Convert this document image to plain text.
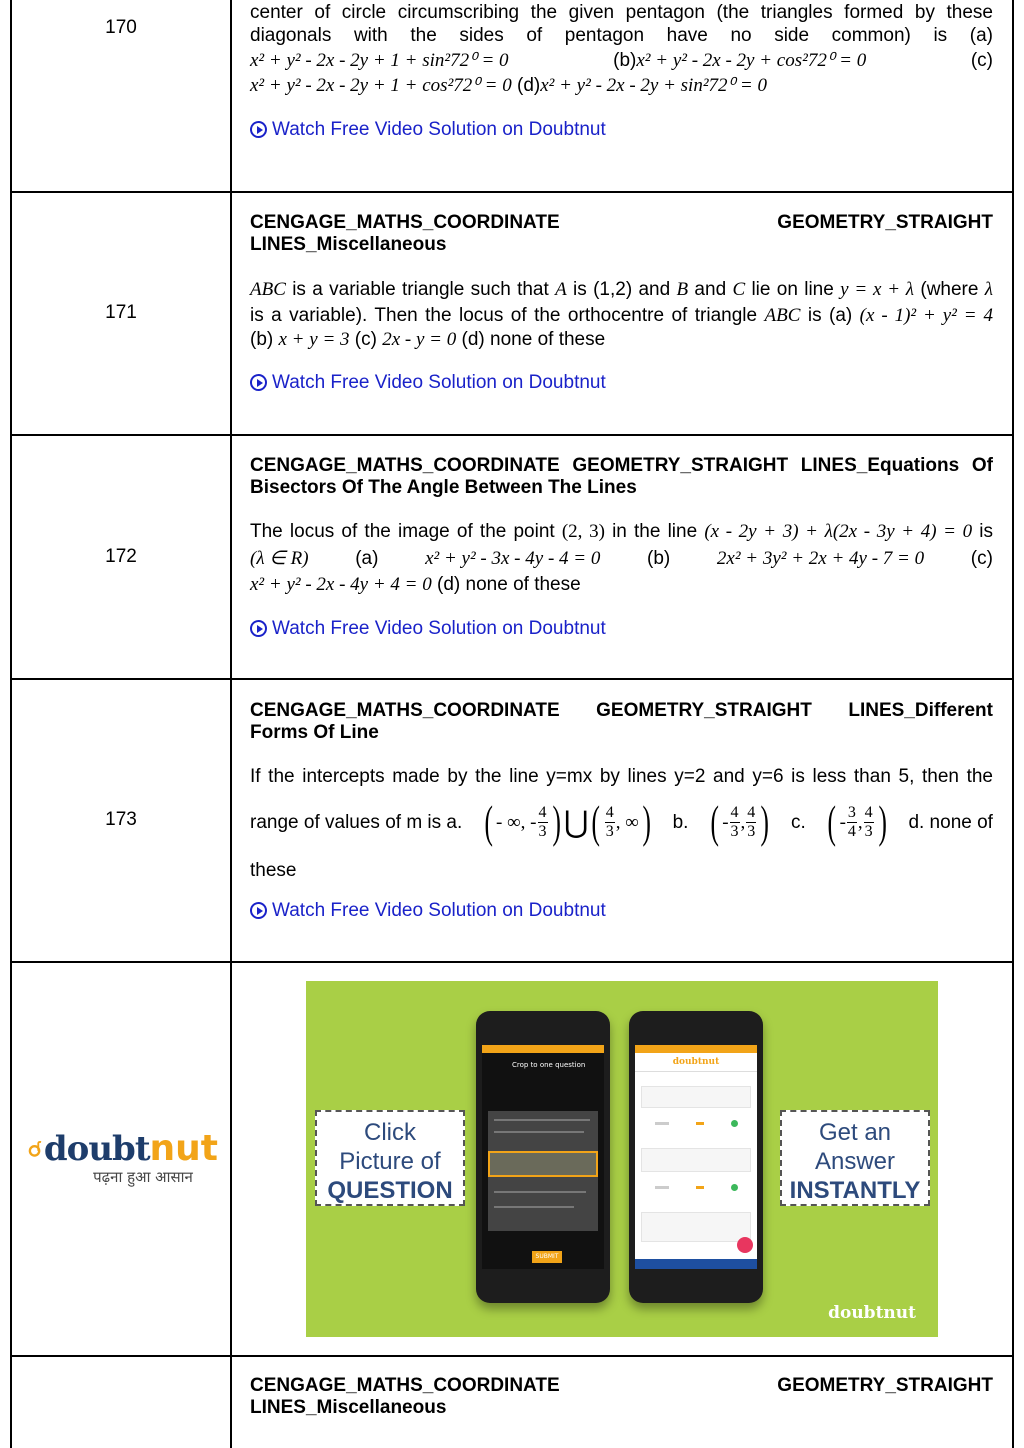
170
center of circle circumscribing the given pentagon (the triangles formed by these
diagonals with the sides of pentagon have no side common) is (a)
x² + y² - 2x - 2y + 1 + sin²72⁰ = 0	(b)x² + y² - 2x - 2y + cos²72⁰ = 0	(c)
x² + y² - 2x - 2y + 1 + cos²72⁰ = 0 (d)x² + y² - 2x - 2y + sin²72⁰ = 0
Watch Free Video Solution on Doubtnut
171
CENGAGE_MATHS_COORDINATE	GEOMETRY_STRAIGHT
LINES_Miscellaneous
ABC is a variable triangle such that A is (1,2) and B and C lie on line y = x + λ (where λ
is a variable). Then the locus of the orthocentre of triangle ABC is (a) (x - 1)² + y² = 4
(b) x + y = 3 (c) 2x - y = 0 (d) none of these
Watch Free Video Solution on Doubtnut
172
CENGAGE_MATHS_COORDINATE GEOMETRY_STRAIGHT LINES_Equations Of
Bisectors Of The Angle Between The Lines
The locus of the image of the point (2, 3) in the line (x - 2y + 3) + λ(2x - 3y + 4) = 0 is
(λ ∈ R) (a) x² + y² - 3x - 4y - 4 = 0 (b) 2x² + 3y² + 2x + 4y - 7 = 0 (c)
x² + y² - 2x - 4y + 4 = 0 (d) none of these
Watch Free Video Solution on Doubtnut
173
CENGAGE_MATHS_COORDINATE GEOMETRY_STRAIGHT LINES_Different
Forms Of Line
If the intercepts made by the line y=mx by lines y=2 and y=6 is less than 5, then the
range of values of m is a. ( - ∞, - $\frac{4}{3}$ ) ⋃ ( $\frac{4}{3}$ , ∞ ) b. ( - $\frac{4}{3}$ , $\frac{4}{3}$ ) c. ( - $\frac{3}{4}$ , $\frac{4}{3}$ ) d. none of
these
Watch Free Video Solution on Doubtnut
doubt nut
पढ़ना हुआ आसान
Click
Picture of
QUESTION
Get an
Answer
INSTANTLY
Crop to one question
SUBMIT
doubtnut
doubtnut
CENGAGE_MATHS_COORDINATE	GEOMETRY_STRAIGHT
LINES_Miscellaneous
